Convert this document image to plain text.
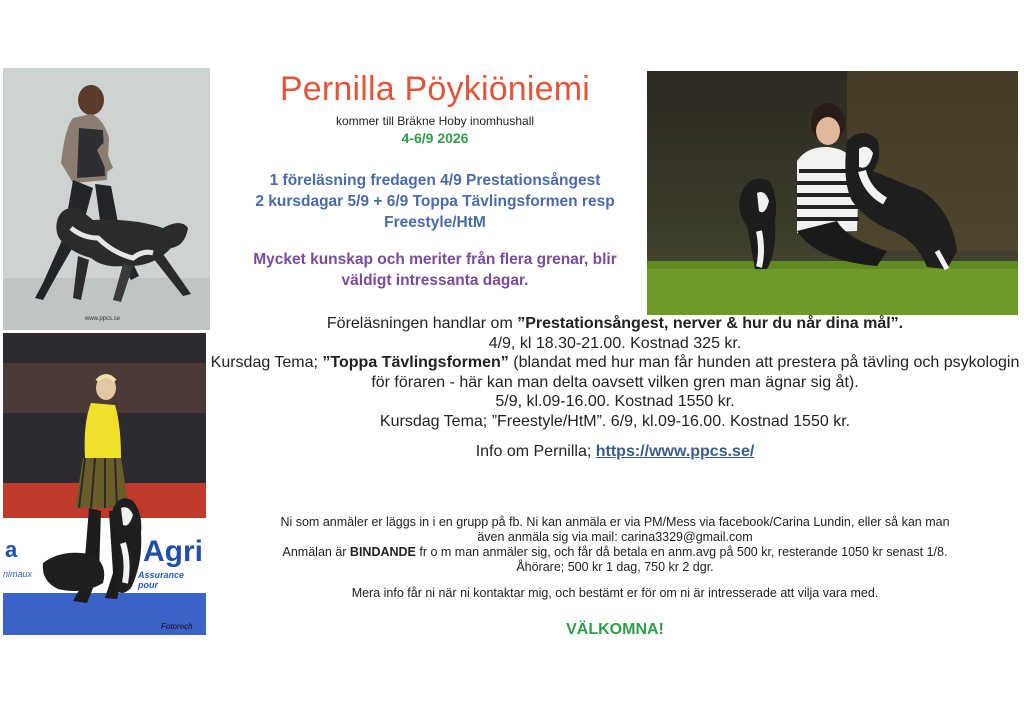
www.ppcs.se
Agri
Assurance pour
a
nimaux
Fotorech
Pernilla Pöykiöniemi
kommer till Bräkne Hoby inomhushall
4-6/9 2026
1 föreläsning fredagen 4/9 Prestationsångest
2 kursdagar 5/9 + 6/9 Toppa Tävlingsformen resp
Freestyle/HtM
Mycket kunskap och meriter från flera grenar, blir
väldigt intressanta dagar.

Föreläsningen handlar om ”Prestationsångest, nerver & hur du når dina mål”.

4/9, kl 18.30-21.00. Kostnad 325 kr.

Kursdag Tema; ”Toppa Tävlingsformen” (blandat med hur man får hunden att prestera på tävling och psykologin för föraren - här kan man delta oavsett vilken gren man ägnar sig åt).

5/9, kl.09-16.00. Kostnad 1550 kr.

Kursdag Tema; ”Freestyle/HtM”. 6/9, kl.09-16.00. Kostnad 1550 kr.

Info om Pernilla; https://www.ppcs.se/

Ni som anmäler er läggs in i en grupp på fb. Ni kan anmäla er via PM/Mess via facebook/Carina Lundin, eller så kan man

även anmäla sig via mail: carina3329@gmail.com

Anmälan är BINDANDE fr o m man anmäler sig, och får då betala en anm.avg på 500 kr, resterande 1050 kr senast 1/8.

Åhörare; 500 kr 1 dag, 750 kr 2 dgr.

Mera info får ni när ni kontaktar mig, och bestämt er för om ni är intresserade att vilja vara med.
VÄLKOMNA!
